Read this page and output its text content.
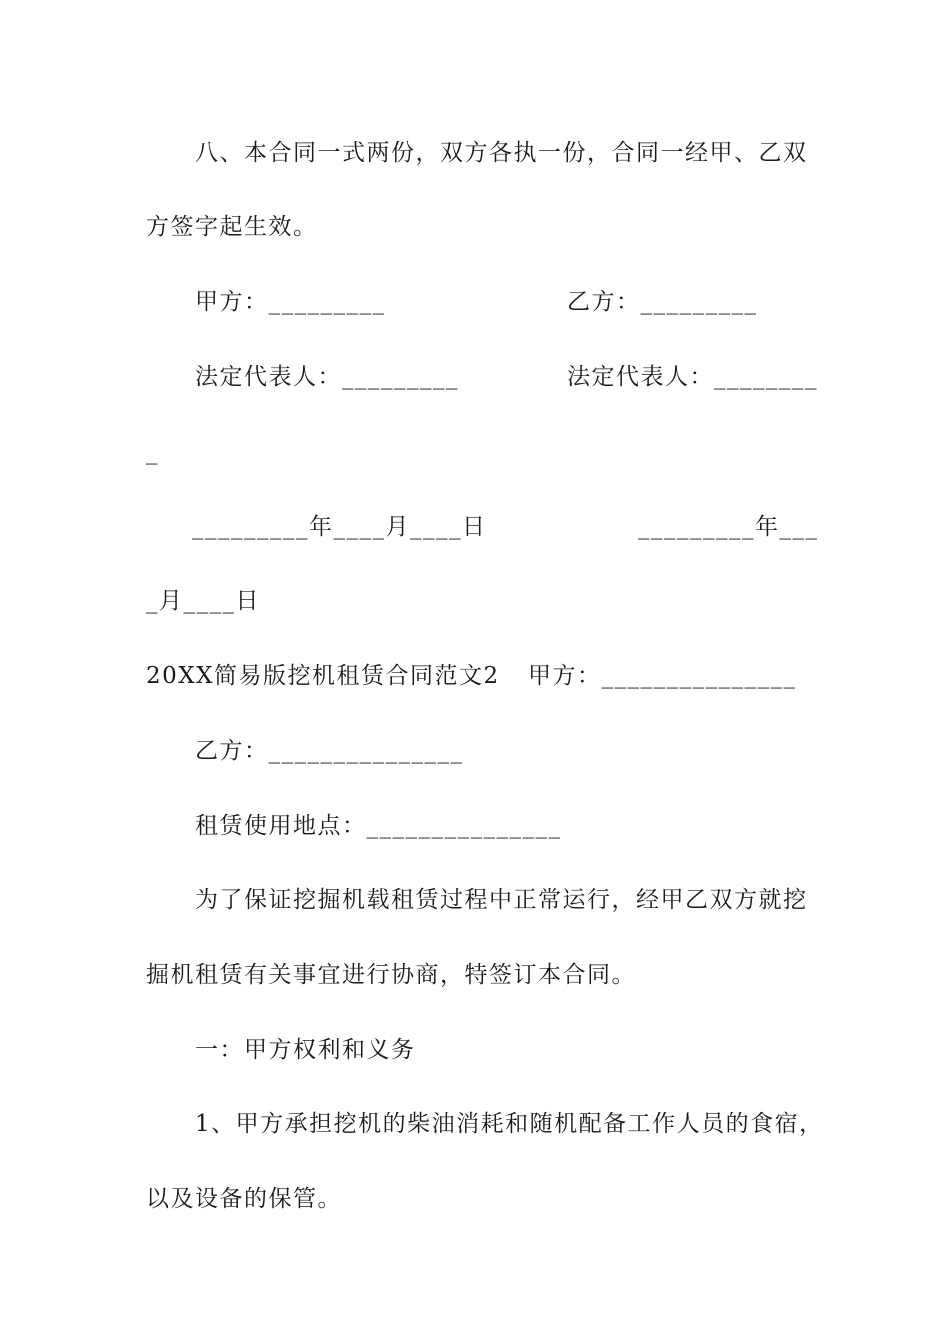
八、本合同一式两份，双方各执一份，合同一经甲、乙双
方签字起生效。
甲方：_________	乙方：_________
法定代表人：_________	法定代表人：________
_
_________年____月____日	_________年___
_月____日
20XX简易版挖机租赁合同范文2 甲方：_______________
乙方：_______________
租赁使用地点：_______________
为了保证挖掘机载租赁过程中正常运行，经甲乙双方就挖
掘机租赁有关事宜进行协商，特签订本合同。
一：甲方权利和义务
1、甲方承担挖机的柴油消耗和随机配备工作人员的食宿，
以及设备的保管。
